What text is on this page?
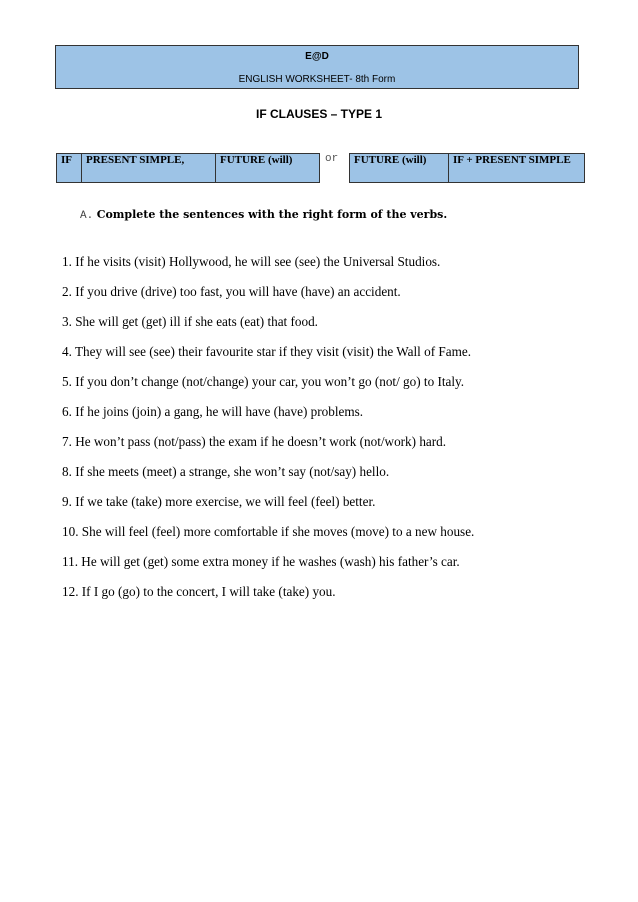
E@D
ENGLISH WORKSHEET- 8th Form
IF CLAUSES – TYPE 1
IF	PRESENT SIMPLE,	FUTURE (will)	or	FUTURE (will)	IF + PRESENT SIMPLE
A. Complete the sentences with the right form of the verbs.
1. If he visits (visit) Hollywood, he will see (see) the Universal Studios.
2. If you drive (drive) too fast, you will have (have) an accident.
3. She will get (get) ill if she eats (eat) that food.
4. They will see (see) their favourite star if they visit (visit) the Wall of Fame.
5. If you don’t change (not/change) your car, you won’t go (not/ go) to Italy.
6. If he joins (join) a gang, he will have (have) problems.
7. He won’t pass (not/pass) the exam if he doesn’t work (not/work) hard.
8. If she meets (meet) a strange, she won’t say (not/say) hello.
9. If we take (take) more exercise, we will feel (feel) better.
10. She will feel (feel) more comfortable if she moves (move) to a new house.
11. He will get (get) some extra money if he washes (wash) his father’s car.
12. If I go (go) to the concert, I will take (take) you.
